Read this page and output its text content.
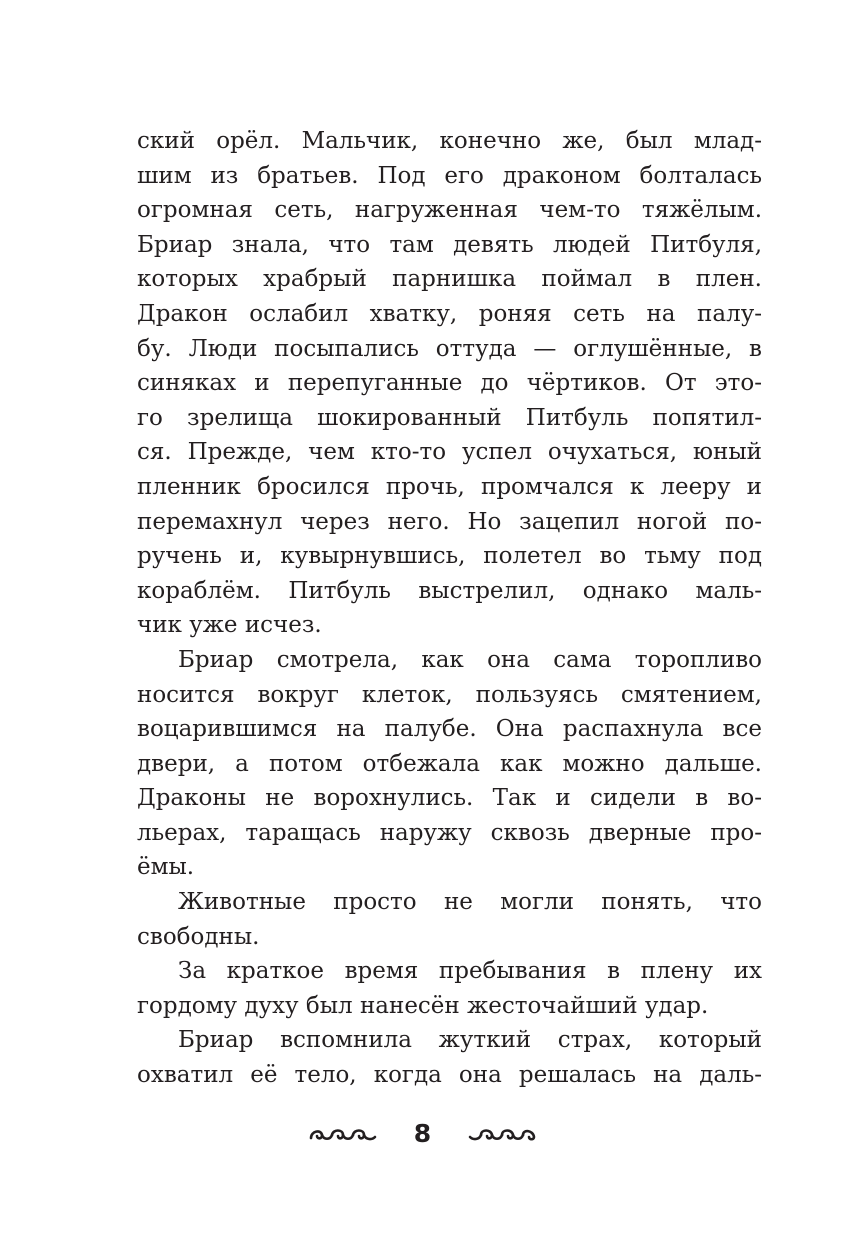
ский орёл. Мальчик, конечно же, был млад-
шим из братьев. Под его драконом болталась
огромная сеть, нагруженная чем-то тяжёлым.
Бриар знала, что там девять людей Питбуля,
которых храбрый парнишка поймал в плен.
Дракон ослабил хватку, роняя сеть на палу-
бу. Люди посыпались оттуда — оглушённые, в
синяках и перепуганные до чёртиков. От это-
го зрелища шокированный Питбуль попятил-
ся. Прежде, чем кто-то успел очухаться, юный
пленник бросился прочь, промчался к лееру и
перемахнул через него. Но зацепил ногой по-
ручень и, кувырнувшись, полетел во тьму под
кораблём. Питбуль выстрелил, однако маль-
чик уже исчез.
Бриар смотрела, как она сама торопливо
носится вокруг клеток, пользуясь смятением,
воцарившимся на палубе. Она распахнула все
двери, а потом отбежала как можно дальше.
Драконы не ворохнулись. Так и сидели в во-
льерах, таращась наружу сквозь дверные про-
ёмы.
Животные просто не могли понять, что
свободны.
За краткое время пребывания в плену их
гордому духу был нанесён жесточайший удар.
Бриар вспомнила жуткий страх, который
охватил её тело, когда она решалась на даль-
8
